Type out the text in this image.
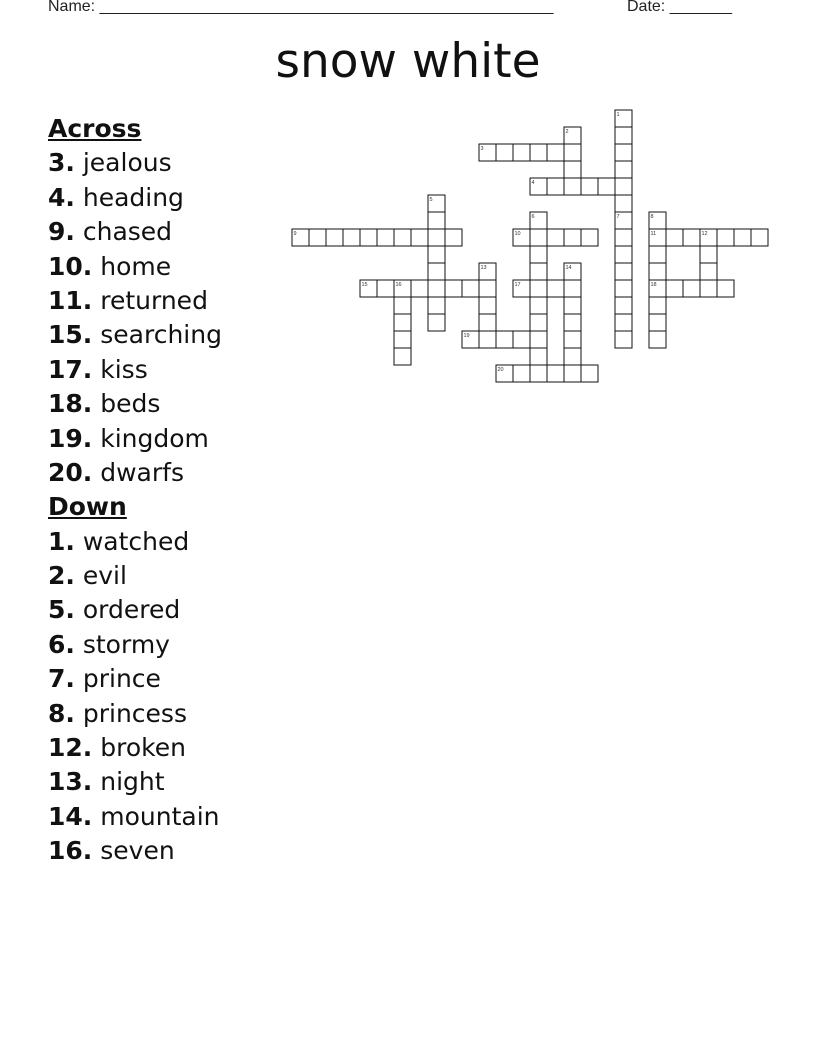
Name: ___________________________________________________	Date: _______
snow white
Across
3. jealous
4. heading
9. chased
10. home
11. returned
15. searching
17. kiss
18. beds
19. kingdom
20. dwarfs
Down
1. watched
2. evil
5. ordered
6. stormy
7. prince
8. princess
12. broken
13. night
14. mountain
16. seven
1
2
3
4
5
6	7	8
9	10	11	12
13	14
15	16	17	18
19
20
